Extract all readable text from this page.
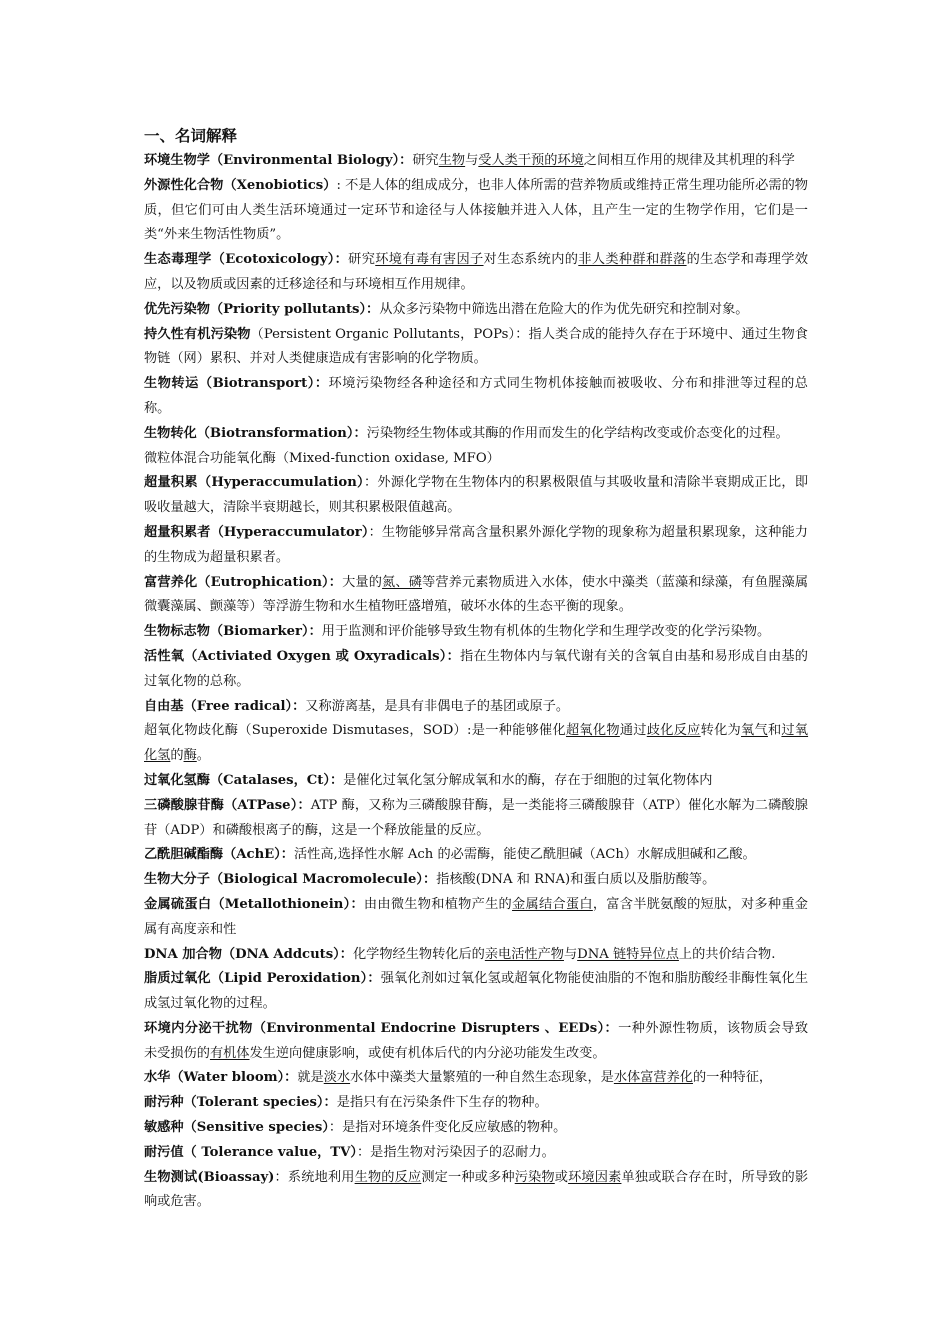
一、名词解释

环境生物学（Environmental Biology）：研究生物与受人类干预的环境之间相互作用的规律及其机理的科学

外源性化合物（Xenobiotics）: 不是人体的组成成分，也非人体所需的营养物质或维持正常生理功能所必需的物质，但它们可由人类生活环境通过一定环节和途径与人体接触并进入人体，且产生一定的生物学作用，它们是一类“外来生物活性物质”。

生态毒理学（Ecotoxicology）：研究环境有毒有害因子对生态系统内的非人类种群和群落的生态学和毒理学效应，以及物质或因素的迁移途径和与环境相互作用规律。

优先污染物（Priority pollutants）：从众多污染物中筛选出潜在危险大的作为优先研究和控制对象。

持久性有机污染物（Persistent Organic Pollutants，POPs）：指人类合成的能持久存在于环境中、通过生物食物链（网）累积、并对人类健康造成有害影响的化学物质。

生物转运（Biotransport）：环境污染物经各种途径和方式同生物机体接触而被吸收、分布和排泄等过程的总称。

生物转化（Biotransformation）：污染物经生物体或其酶的作用而发生的化学结构改变或价态变化的过程。

微粒体混合功能氧化酶（Mixed-function oxidase, MFO）

超量积累（Hyperaccumulation）：外源化学物在生物体内的积累极限值与其吸收量和清除半衰期成正比，即吸收量越大，清除半衰期越长，则其积累极限值越高。

超量积累者（Hyperaccumulator）：生物能够异常高含量积累外源化学物的现象称为超量积累现象，这种能力的生物成为超量积累者。

富营养化（Eutrophication）：大量的氮、磷等营养元素物质进入水体，使水中藻类（蓝藻和绿藻，有鱼腥藻属微囊藻属、颤藻等）等浮游生物和水生植物旺盛增殖，破坏水体的生态平衡的现象。

生物标志物（Biomarker）：用于监测和评价能够导致生物有机体的生物化学和生理学改变的化学污染物。

活性氧（Activiated Oxygen 或 Oxyradicals）：指在生物体内与氧代谢有关的含氧自由基和易形成自由基的过氧化物的总称。

自由基（Free radical）：又称游离基，是具有非偶电子的基团或原子。

超氧化物歧化酶（Superoxide Dismutases，SOD）:是一种能够催化超氧化物通过歧化反应转化为氧气和过氧化氢的酶。

过氧化氢酶（Catalases，Ct）：是催化过氧化氢分解成氧和水的酶，存在于细胞的过氧化物体内

三磷酸腺苷酶（ATPase）：ATP 酶，又称为三磷酸腺苷酶，是一类能将三磷酸腺苷（ATP）催化水解为二磷酸腺苷（ADP）和磷酸根离子的酶，这是一个释放能量的反应。

乙酰胆碱酯酶（AchE）：活性高,选择性水解 Ach 的必需酶，能使乙酰胆碱（ACh）水解成胆碱和乙酸。

生物大分子（Biological Macromolecule）：指核酸(DNA 和 RNA)和蛋白质以及脂肪酸等。

金属硫蛋白（Metallothionein）：由由微生物和植物产生的金属结合蛋白，富含半胱氨酸的短肽，对多种重金属有高度亲和性

DNA 加合物（DNA Addcuts）：化学物经生物转化后的亲电活性产物与DNA 链特异位点上的共价结合物.

脂质过氧化（Lipid Peroxidation）：强氧化剂如过氧化氢或超氧化物能使油脂的不饱和脂肪酸经非酶性氧化生成氢过氧化物的过程。

环境内分泌干扰物（Environmental Endocrine Disrupters 、EEDs）：一种外源性物质，该物质会导致未受损伤的有机体发生逆向健康影响，或使有机体后代的内分泌功能发生改变。

水华（Water bloom）：就是淡水水体中藻类大量繁殖的一种自然生态现象，是水体富营养化的一种特征，

耐污种（Tolerant species）：是指只有在污染条件下生存的物种。

敏感种（Sensitive species）：是指对环境条件变化反应敏感的物种。

耐污值（ Tolerance value，TV）：是指生物对污染因子的忍耐力。

生物测试(Bioassay)：系统地利用生物的反应测定一种或多种污染物或环境因素单独或联合存在时，所导致的影响或危害。
